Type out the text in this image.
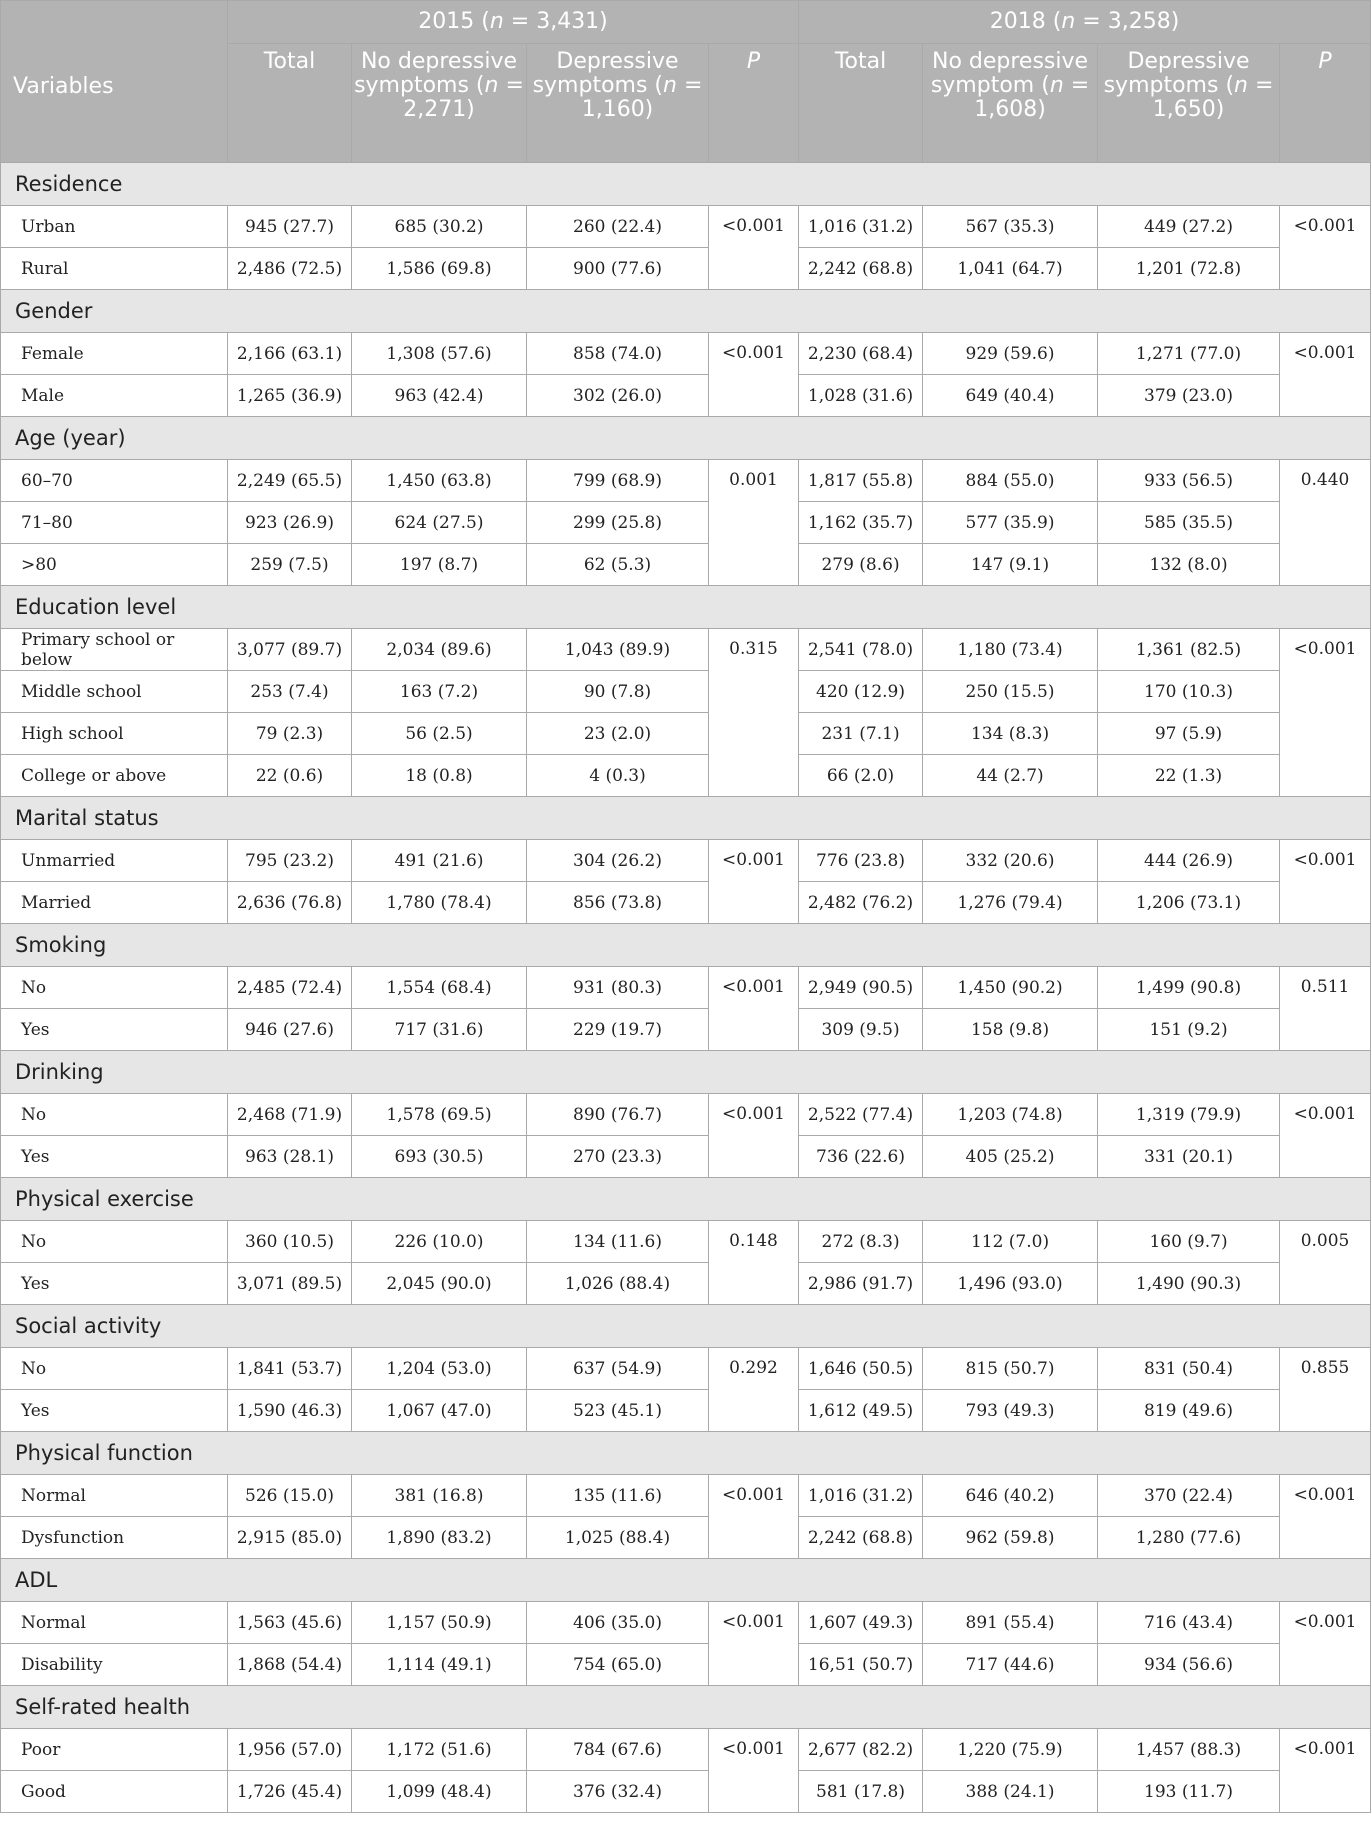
Variables	2015 (n = 3,431)				2018 (n = 3,258)			
	Total	No depressive symptoms (n = 2,271)	Depressive symptoms (n = 1,160)	P	Total	No depressive symptom (n = 1,608)	Depressive symptoms (n = 1,650)	P
Residence								
Urban	945 (27.7)	685 (30.2)	260 (22.4)	<0.001	1,016 (31.2)	567 (35.3)	449 (27.2)	<0.001
Rural	2,486 (72.5)	1,586 (69.8)	900 (77.6)		2,242 (68.8)	1,041 (64.7)	1,201 (72.8)	
Gender								
Female	2,166 (63.1)	1,308 (57.6)	858 (74.0)	<0.001	2,230 (68.4)	929 (59.6)	1,271 (77.0)	<0.001
Male	1,265 (36.9)	963 (42.4)	302 (26.0)		1,028 (31.6)	649 (40.4)	379 (23.0)	
Age (year)								
60–70	2,249 (65.5)	1,450 (63.8)	799 (68.9)	0.001	1,817 (55.8)	884 (55.0)	933 (56.5)	0.440
71–80	923 (26.9)	624 (27.5)	299 (25.8)		1,162 (35.7)	577 (35.9)	585 (35.5)	
>80	259 (7.5)	197 (8.7)	62 (5.3)		279 (8.6)	147 (9.1)	132 (8.0)	
Education level								
Primary school or below	3,077 (89.7)	2,034 (89.6)	1,043 (89.9)	0.315	2,541 (78.0)	1,180 (73.4)	1,361 (82.5)	<0.001
Middle school	253 (7.4)	163 (7.2)	90 (7.8)		420 (12.9)	250 (15.5)	170 (10.3)	
High school	79 (2.3)	56 (2.5)	23 (2.0)		231 (7.1)	134 (8.3)	97 (5.9)	
College or above	22 (0.6)	18 (0.8)	4 (0.3)		66 (2.0)	44 (2.7)	22 (1.3)	
Marital status								
Unmarried	795 (23.2)	491 (21.6)	304 (26.2)	<0.001	776 (23.8)	332 (20.6)	444 (26.9)	<0.001
Married	2,636 (76.8)	1,780 (78.4)	856 (73.8)		2,482 (76.2)	1,276 (79.4)	1,206 (73.1)	
Smoking								
No	2,485 (72.4)	1,554 (68.4)	931 (80.3)	<0.001	2,949 (90.5)	1,450 (90.2)	1,499 (90.8)	0.511
Yes	946 (27.6)	717 (31.6)	229 (19.7)		309 (9.5)	158 (9.8)	151 (9.2)	
Drinking								
No	2,468 (71.9)	1,578 (69.5)	890 (76.7)	<0.001	2,522 (77.4)	1,203 (74.8)	1,319 (79.9)	<0.001
Yes	963 (28.1)	693 (30.5)	270 (23.3)		736 (22.6)	405 (25.2)	331 (20.1)	
Physical exercise								
No	360 (10.5)	226 (10.0)	134 (11.6)	0.148	272 (8.3)	112 (7.0)	160 (9.7)	0.005
Yes	3,071 (89.5)	2,045 (90.0)	1,026 (88.4)		2,986 (91.7)	1,496 (93.0)	1,490 (90.3)	
Social activity								
No	1,841 (53.7)	1,204 (53.0)	637 (54.9)	0.292	1,646 (50.5)	815 (50.7)	831 (50.4)	0.855
Yes	1,590 (46.3)	1,067 (47.0)	523 (45.1)		1,612 (49.5)	793 (49.3)	819 (49.6)	
Physical function								
Normal	526 (15.0)	381 (16.8)	135 (11.6)	<0.001	1,016 (31.2)	646 (40.2)	370 (22.4)	<0.001
Dysfunction	2,915 (85.0)	1,890 (83.2)	1,025 (88.4)		2,242 (68.8)	962 (59.8)	1,280 (77.6)	
ADL								
Normal	1,563 (45.6)	1,157 (50.9)	406 (35.0)	<0.001	1,607 (49.3)	891 (55.4)	716 (43.4)	<0.001
Disability	1,868 (54.4)	1,114 (49.1)	754 (65.0)		16,51 (50.7)	717 (44.6)	934 (56.6)	
Self-rated health								
Poor	1,956 (57.0)	1,172 (51.6)	784 (67.6)	<0.001	2,677 (82.2)	1,220 (75.9)	1,457 (88.3)	<0.001
Good	1,726 (45.4)	1,099 (48.4)	376 (32.4)		581 (17.8)	388 (24.1)	193 (11.7)	
